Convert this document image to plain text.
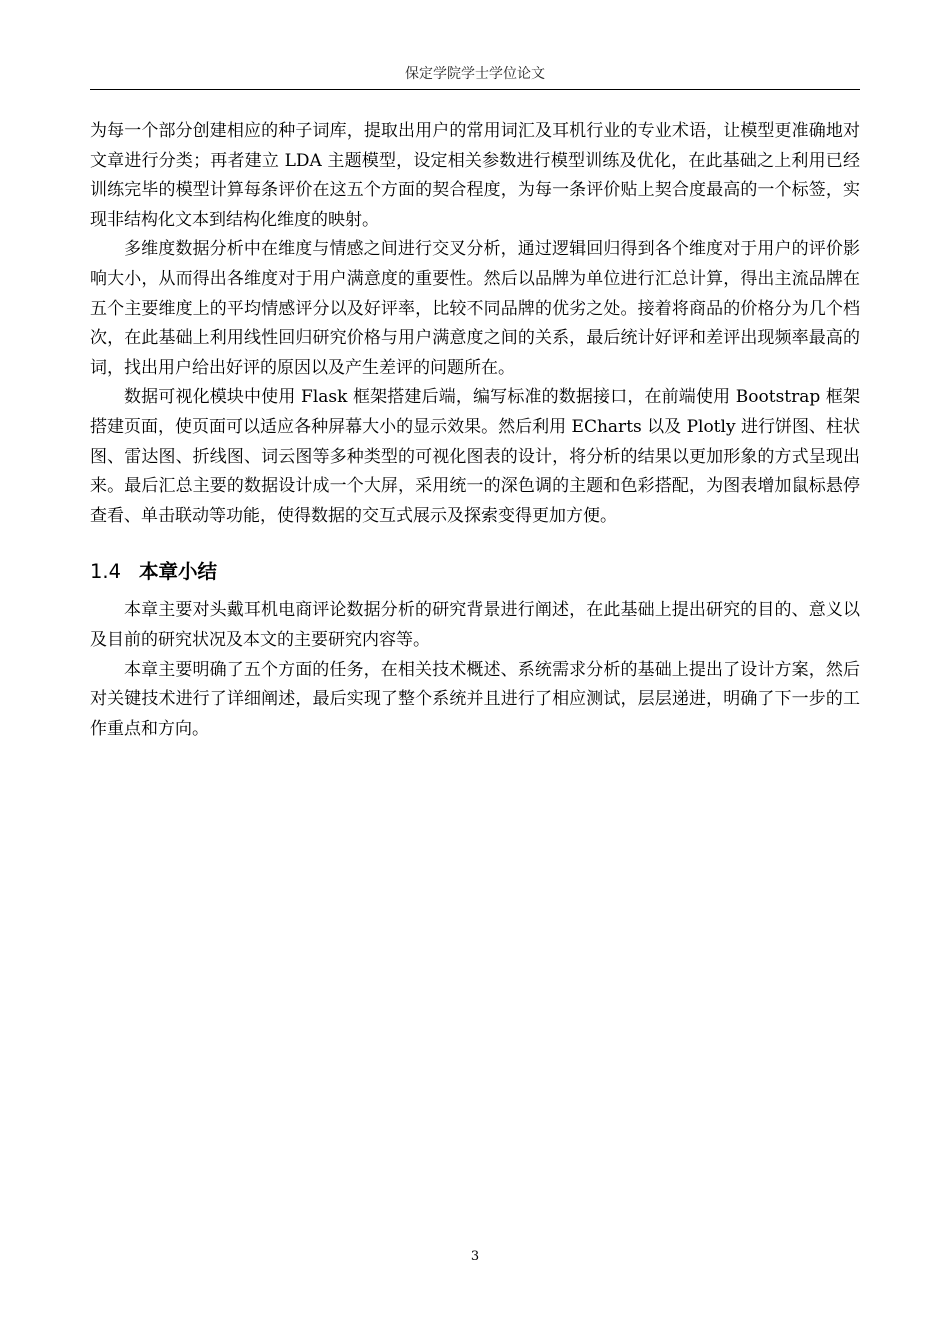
保定学院学士学位论文

为每一个部分创建相应的种子词库，提取出用户的常用词汇及耳机行业的专业术语，让模型更准确地对文章进行分类；再者建立 LDA 主题模型，设定相关参数进行模型训练及优化，在此基础之上利用已经训练完毕的模型计算每条评价在这五个方面的契合程度，为每一条评价贴上契合度最高的一个标签，实现非结构化文本到结构化维度的映射。

多维度数据分析中在维度与情感之间进行交叉分析，通过逻辑回归得到各个维度对于用户的评价影响大小，从而得出各维度对于用户满意度的重要性。然后以品牌为单位进行汇总计算，得出主流品牌在五个主要维度上的平均情感评分以及好评率，比较不同品牌的优劣之处。接着将商品的价格分为几个档次，在此基础上利用线性回归研究价格与用户满意度之间的关系，最后统计好评和差评出现频率最高的词，找出用户给出好评的原因以及产生差评的问题所在。

数据可视化模块中使用 Flask 框架搭建后端，编写标准的数据接口，在前端使用 Bootstrap 框架搭建页面，使页面可以适应各种屏幕大小的显示效果。然后利用 ECharts 以及 Plotly 进行饼图、柱状图、雷达图、折线图、词云图等多种类型的可视化图表的设计，将分析的结果以更加形象的方式呈现出来。最后汇总主要的数据设计成一个大屏，采用统一的深色调的主题和色彩搭配，为图表增加鼠标悬停查看、单击联动等功能，使得数据的交互式展示及探索变得更加方便。

1.4 本章小结

本章主要对头戴耳机电商评论数据分析的研究背景进行阐述，在此基础上提出研究的目的、意义以及目前的研究状况及本文的主要研究内容等。

本章主要明确了五个方面的任务，在相关技术概述、系统需求分析的基础上提出了设计方案，然后对关键技术进行了详细阐述，最后实现了整个系统并且进行了相应测试，层层递进，明确了下一步的工作重点和方向。

3
